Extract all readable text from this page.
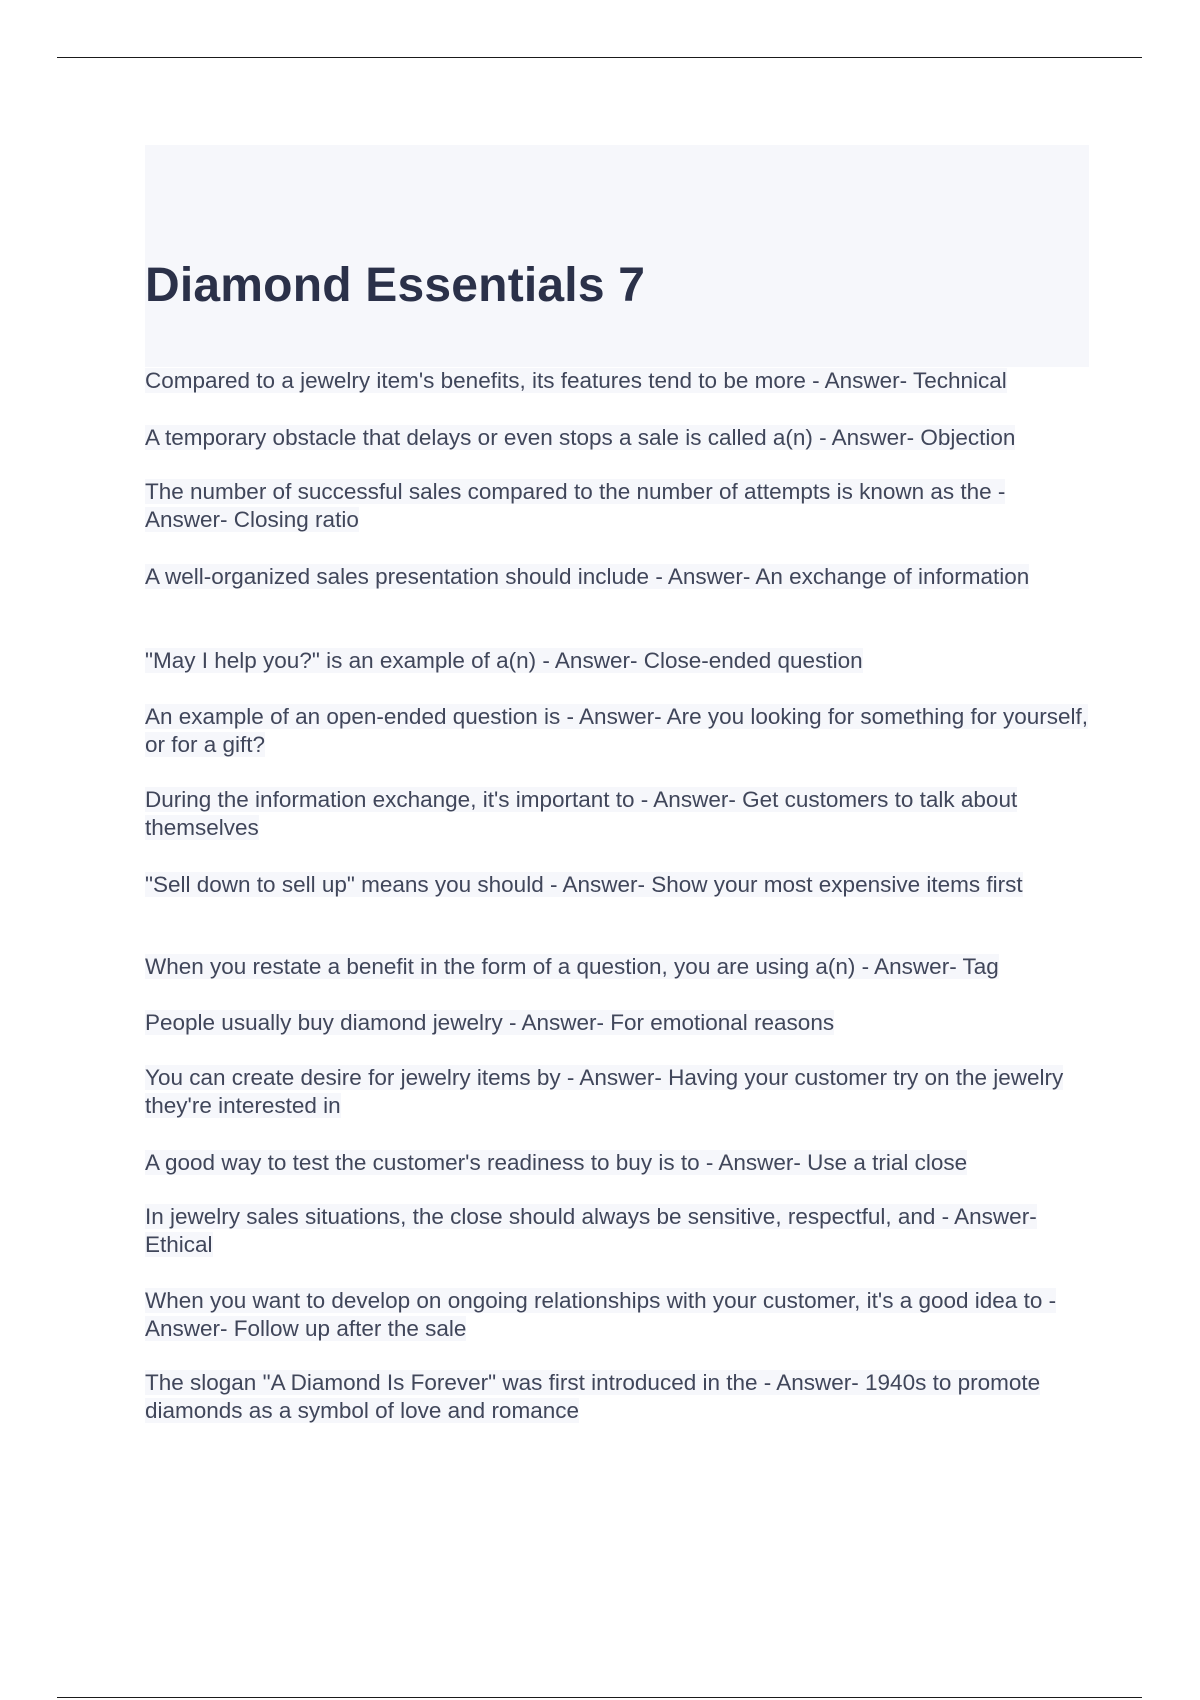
Diamond Essentials 7

Compared to a jewelry item's benefits, its features tend to be more - Answer- Technical

A temporary obstacle that delays or even stops a sale is called a(n) - Answer- Objection

The number of successful sales compared to the number of attempts is known as the - Answer- Closing ratio

A well-organized sales presentation should include - Answer- An exchange of information

"May I help you?" is an example of a(n) - Answer- Close-ended question

An example of an open-ended question is - Answer- Are you looking for something for yourself, or for a gift?

During the information exchange, it's important to - Answer- Get customers to talk about themselves

"Sell down to sell up" means you should - Answer- Show your most expensive items first

When you restate a benefit in the form of a question, you are using a(n) - Answer- Tag

People usually buy diamond jewelry - Answer- For emotional reasons

You can create desire for jewelry items by - Answer- Having your customer try on the jewelry they're interested in

A good way to test the customer's readiness to buy is to - Answer- Use a trial close

In jewelry sales situations, the close should always be sensitive, respectful, and - Answer- Ethical

When you want to develop on ongoing relationships with your customer, it's a good idea to - Answer- Follow up after the sale

The slogan "A Diamond Is Forever" was first introduced in the - Answer- 1940s to promote diamonds as a symbol of love and romance
